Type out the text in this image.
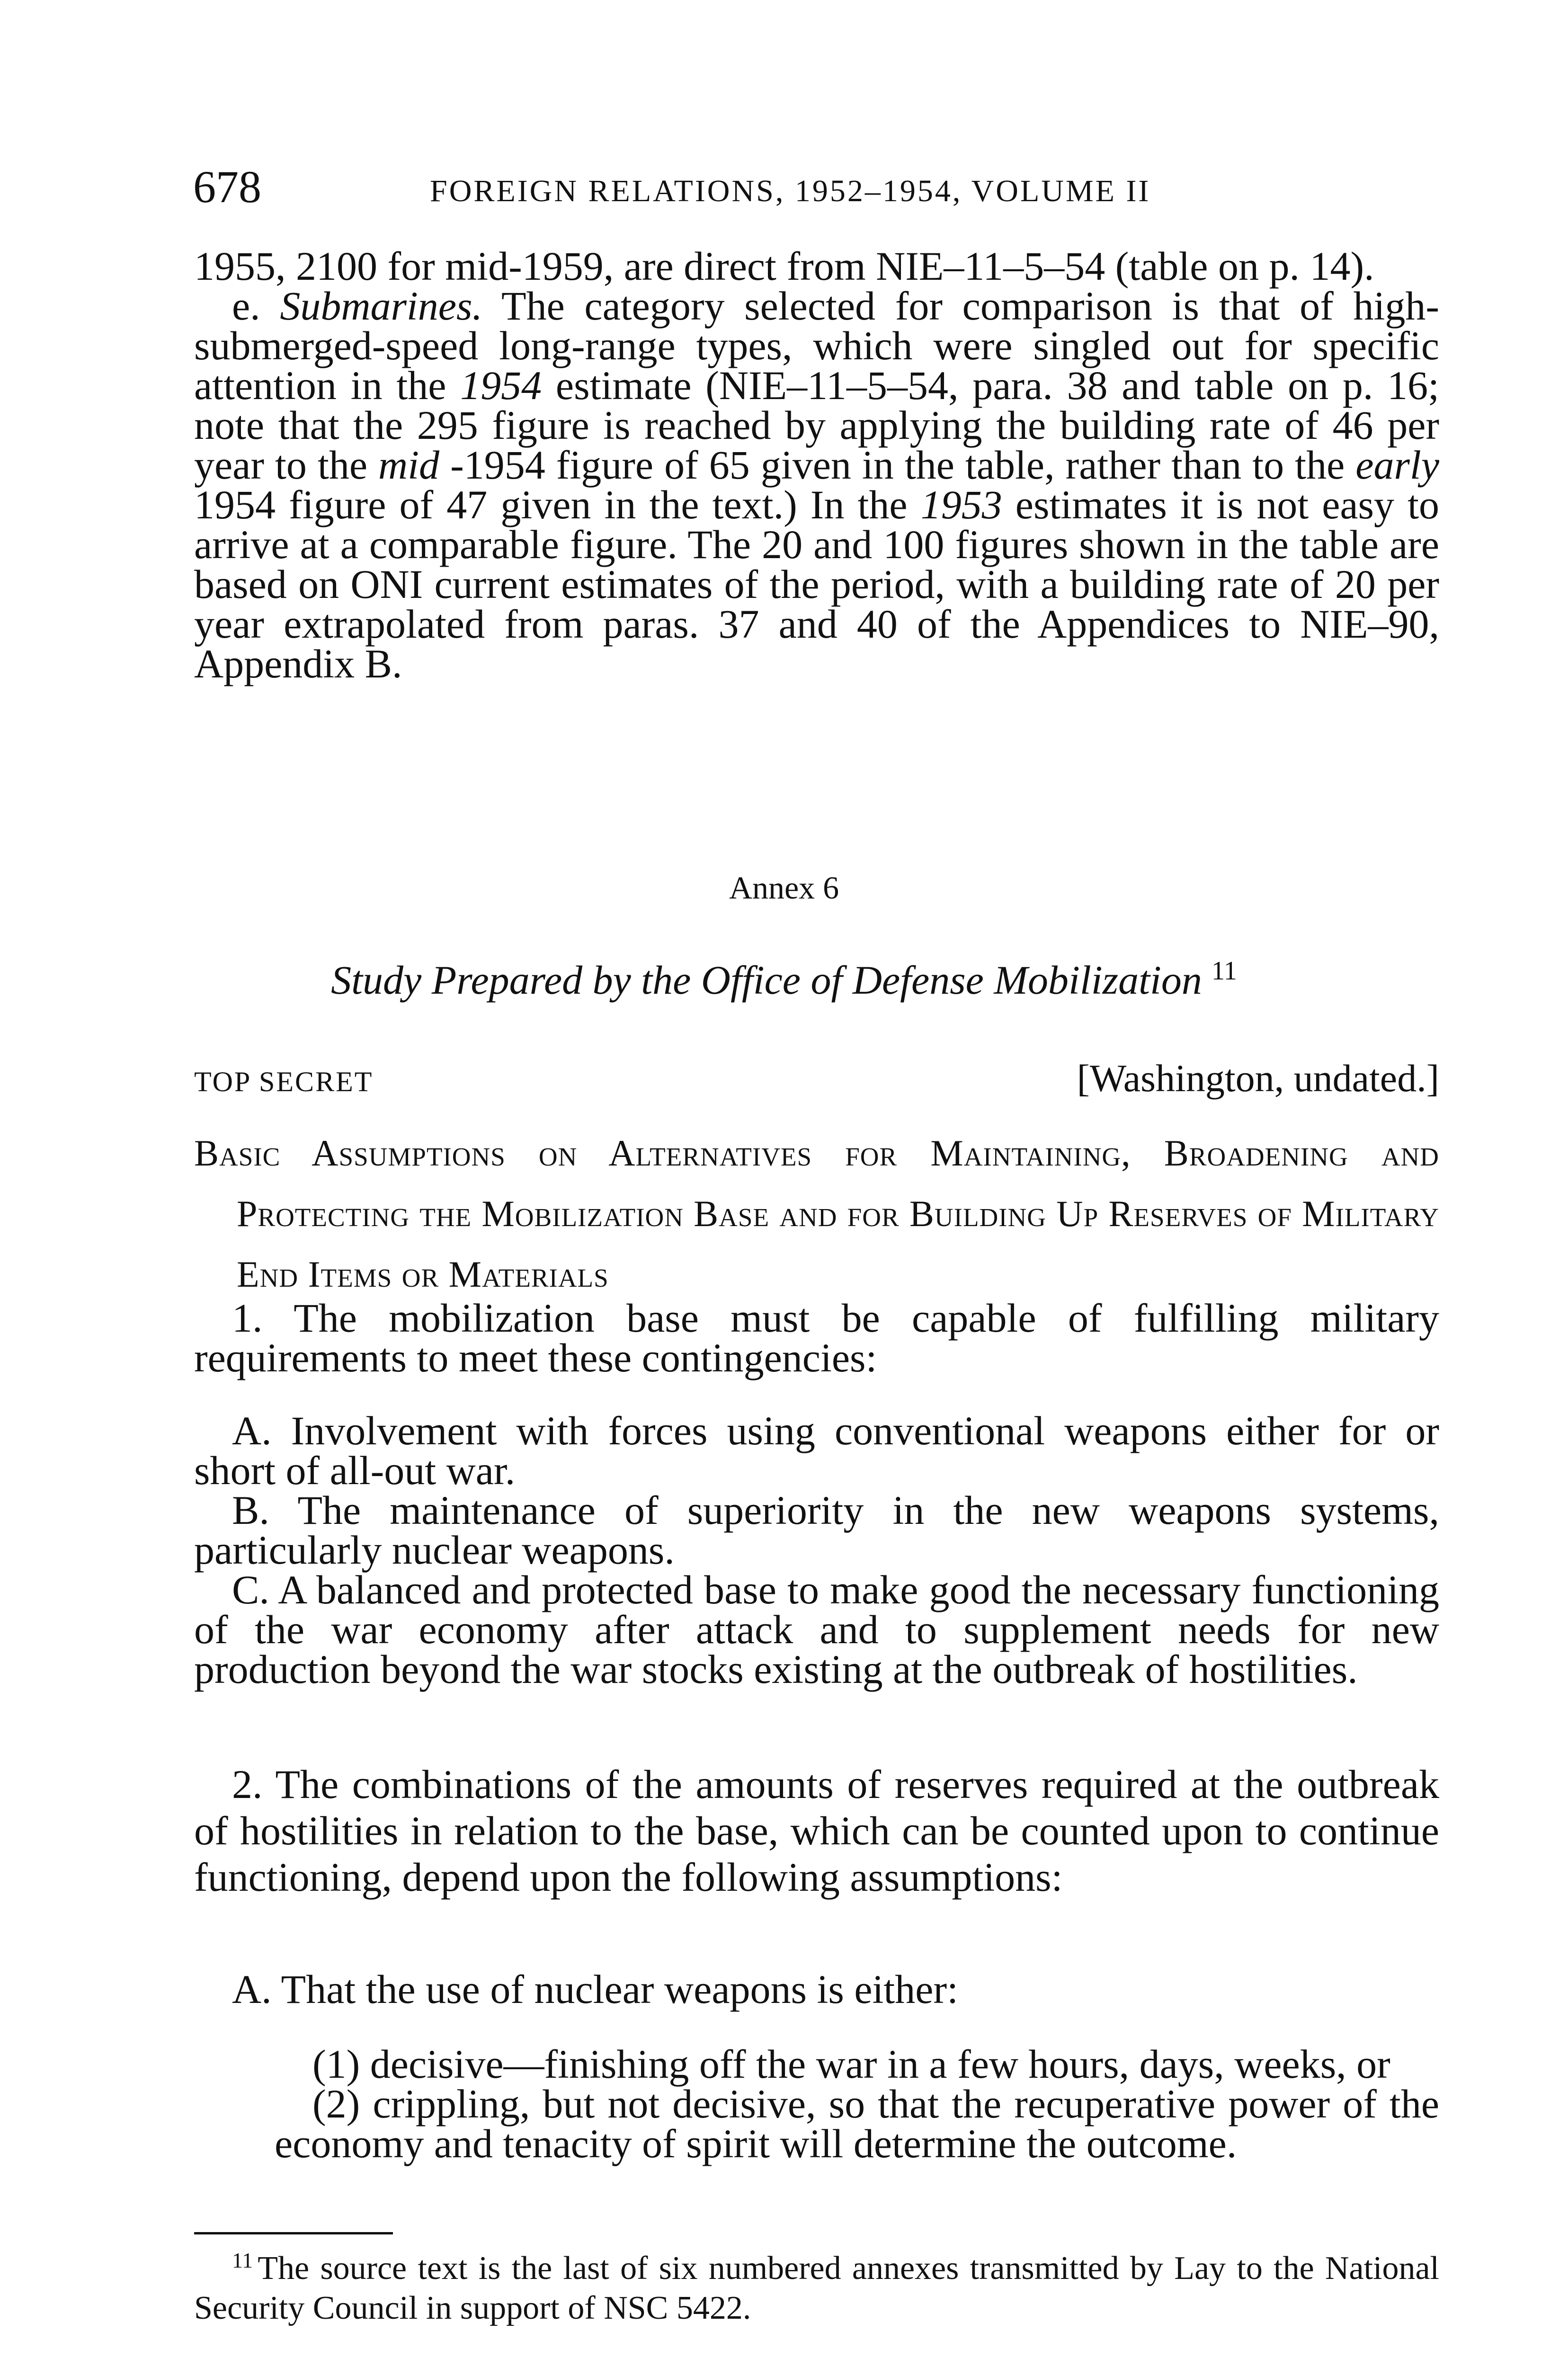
678	FOREIGN RELATIONS, 1952–1954, VOLUME II

1955, 2100 for mid-1959, are direct from NIE–11–5–54 (table on p. 14).

e. Submarines. The category selected for comparison is that of high-submerged-speed long-range types, which were singled out for specific attention in the 1954 estimate (NIE–11–5–54, para. 38 and table on p. 16; note that the 295 figure is reached by applying the building rate of 46 per year to the mid -1954 figure of 65 given in the table, rather than to the early 1954 figure of 47 given in the text.) In the 1953 estimates it is not easy to arrive at a comparable figure. The 20 and 100 figures shown in the table are based on ONI current estimates of the period, with a building rate of 20 per year extrapolated from paras. 37 and 40 of the Appendices to NIE–90, Appendix B.

Annex 6
Study Prepared by the Office of Defense Mobilization $^{11}$
TOP SECRET	[Washington, undated.]
Basic Assumptions on Alternatives for Maintaining, Broadening and Protecting the Mobilization Base and for Building Up Reserves of Military End Items or Materials

1. The mobilization base must be capable of fulfilling military requirements to meet these contingencies:

A. Involvement with forces using conventional weapons either for or short of all-out war.

B. The maintenance of superiority in the new weapons systems, particularly nuclear weapons.

C. A balanced and protected base to make good the necessary functioning of the war economy after attack and to supplement needs for new production beyond the war stocks existing at the outbreak of hostilities.

2. The combinations of the amounts of reserves required at the outbreak of hostilities in relation to the base, which can be counted upon to continue functioning, depend upon the following assumptions:

A. That the use of nuclear weapons is either:

(1) decisive—finishing off the war in a few hours, days, weeks, or

(2) crippling, but not decisive, so that the recuperative power of the economy and tenacity of spirit will determine the outcome.

$^{11}$ The source text is the last of six numbered annexes transmitted by Lay to the National Security Council in support of NSC 5422.
